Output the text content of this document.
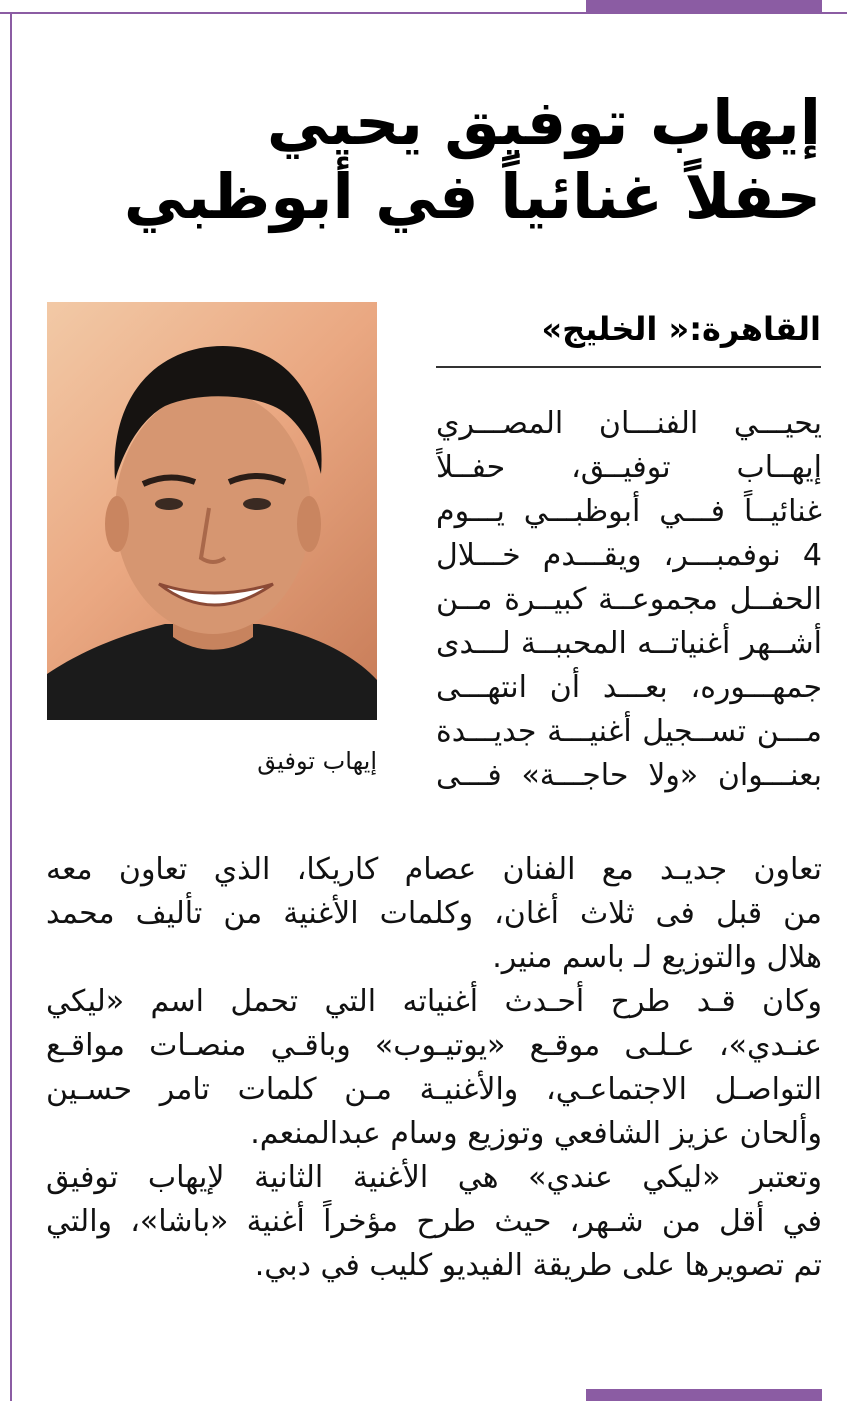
إيهاب توفيق يحيي
حفلاً غنائياً في أبوظبي

إيهاب توفيق

القاهرة:« الخليج»

يحيـــي الفنـــان المصـــري
إيهــاب توفيــق، حفــلاً
غنائيــاً فـــي أبوظبـــي يـــوم
4 نوفمبـــر، ويقـــدم خـــلال
الحفــل مجموعــة كبيــرة مــن
أشــهر أغنياتــه المحببــة لـــدى
جمهـــوره، بعـــد أن انتهـــى
مـــن تســجيل أغنيـــة جديـــدة
بعنـــوان «ولا حاجـــة» فـــى
تعاون جديـد مع الفنان عصام كاريكا، الذي تعاون معه
من قبل فى ثلاث أغان، وكلمات الأغنية من تأليف محمد
هلال والتوزيع لـ باسم منير.
وكان قـد طرح أحـدث أغنياته التي تحمل اسم «ليكي
عنـدي»، عـلـى موقـع «يوتيـوب» وباقـي منصـات مواقـع
التواصـل الاجتماعـي، والأغنيـة مـن كلمات تامر حسـين
وألحان عزيز الشافعي وتوزيع وسام عبدالمنعم.
وتعتبر «ليكي عندي» هي الأغنية الثانية لإيهاب توفيق
في أقل من شـهر، حيث طرح مؤخراً أغنية «باشا»، والتي
تم تصويرها على طريقة الفيديو كليب في دبي.
